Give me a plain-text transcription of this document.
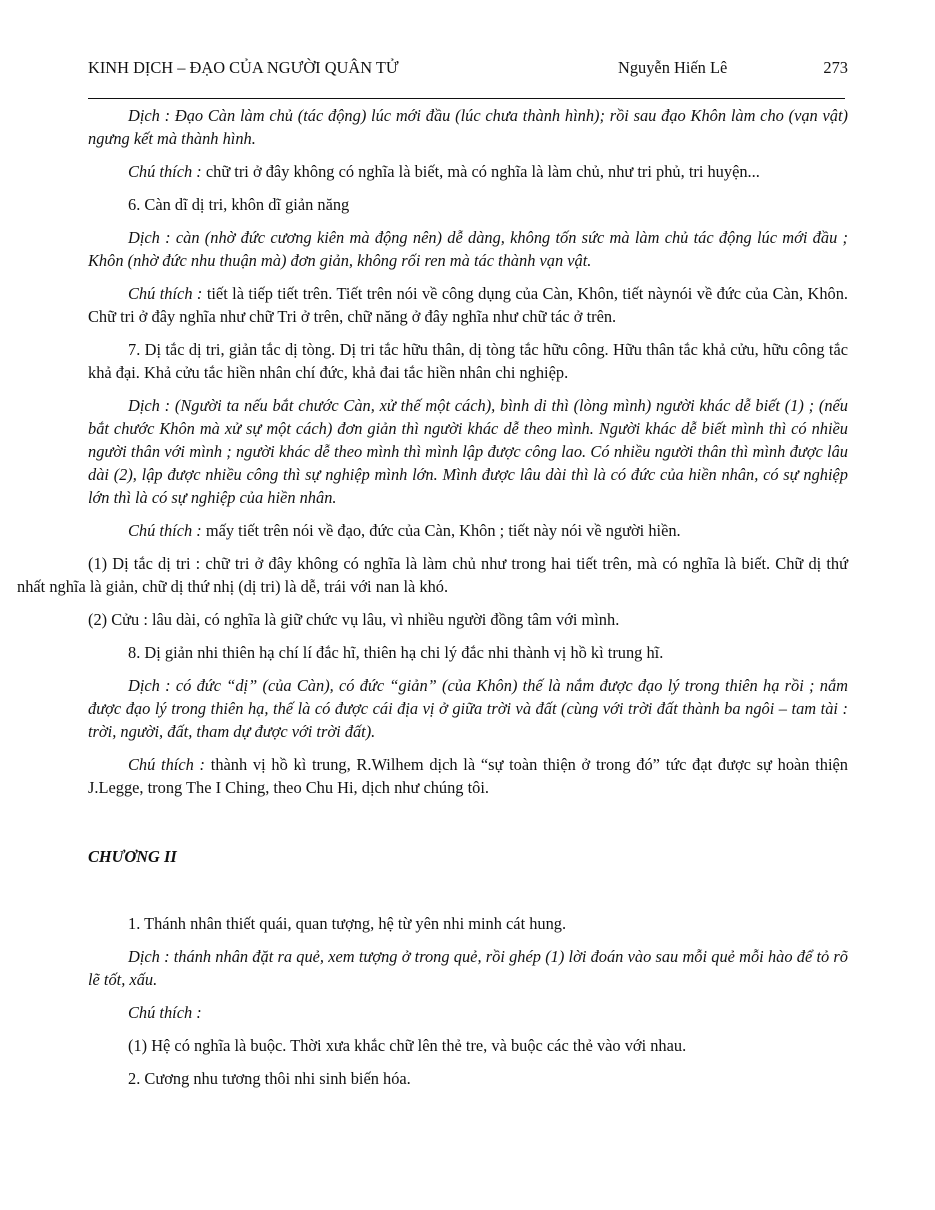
KINH DỊCH – ĐẠO CỦA NGƯỜI QUÂN TỬ	Nguyễn Hiến Lê	273

Dịch : Đạo Càn làm chủ (tác động) lúc mới đầu (lúc chưa thành hình); rồi sau đạo Khôn làm cho (vạn vật) ngưng kết mà thành hình.

Chú thích : chữ tri ở đây không có nghĩa là biết, mà có nghĩa là làm chủ, như tri phủ, tri huyện...

6. Càn dĩ dị tri, khôn dĩ giản năng

Dịch : càn (nhờ đức cương kiên mà động nên) dễ dàng, không tốn sức mà làm chủ tác động lúc mới đầu ; Khôn (nhờ đức nhu thuận mà) đơn giản, không rối ren mà tác thành vạn vật.

Chú thích : tiết là tiếp tiết trên. Tiết trên nói về công dụng của Càn, Khôn, tiết nàynói về đức của Càn, Khôn. Chữ tri ở đây nghĩa như chữ Tri ở trên, chữ năng ở đây nghĩa như chữ tác ở trên.

7. Dị tắc dị tri, giản tắc dị tòng. Dị tri tắc hữu thân, dị tòng tắc hữu công. Hữu thân tắc khả cửu, hữu công tắc khả đại. Khả cửu tắc hiền nhân chí đức, khả đai tắc hiền nhân chi nghiệp.

Dịch : (Người ta nếu bắt chước Càn, xử thế một cách), bình di thì (lòng mình) người khác dễ biết (1) ; (nếu bắt chước Khôn mà xử sự một cách) đơn giản thì người khác dễ theo mình. Người khác dễ biết mình thì có nhiều người thân với mình ; người khác dễ theo mình thì mình lập được công lao. Có nhiều người thân thì mình được lâu dài (2), lập được nhiều công thì sự nghiệp mình lớn. Mình được lâu dài thì là có đức của hiền nhân, có sự nghiệp lớn thì là có sự nghiệp của hiền nhân.

Chú thích : mấy tiết trên nói về đạo, đức của Càn, Khôn ; tiết này nói về người hiền.

(1) Dị tắc dị tri : chữ tri ở đây không có nghĩa là làm chủ như trong hai tiết trên, mà có nghĩa là biết. Chữ dị thứ nhất nghĩa là giản, chữ dị thứ nhị (dị tri) là dễ, trái với nan là khó.

(2) Cửu : lâu dài, có nghĩa là giữ chức vụ lâu, vì nhiều người đồng tâm với mình.

8. Dị giản nhi thiên hạ chí lí đắc hĩ, thiên hạ chi lý đắc nhi thành vị hồ kì trung hĩ.

Dịch : có đức “dị” (của Càn), có đức “giản” (của Khôn) thế là nắm được đạo lý trong thiên hạ rồi ; nắm được đạo lý trong thiên hạ, thế là có được cái địa vị ở giữa trời và đất (cùng với trời đất thành ba ngôi – tam tài : trời, người, đất, tham dự được với trời đất).

Chú thích : thành vị hồ kì trung, R.Wilhem dịch là “sự toàn thiện ở trong đó” tức đạt được sự hoàn thiện J.Legge, trong The I Ching, theo Chu Hi, dịch như chúng tôi.

CHƯƠNG II

1. Thánh nhân thiết quái, quan tượng, hệ từ yên nhi minh cát hung.

Dịch : thánh nhân đặt ra quẻ, xem tượng ở trong quẻ, rồi ghép (1) lời đoán vào sau mỗi quẻ mỗi hào để tỏ rõ lẽ tốt, xấu.

Chú thích :

(1) Hệ có nghĩa là buộc. Thời xưa khắc chữ lên thẻ tre, và buộc các thẻ vào với nhau.

2. Cương nhu tương thôi nhi sinh biến hóa.
